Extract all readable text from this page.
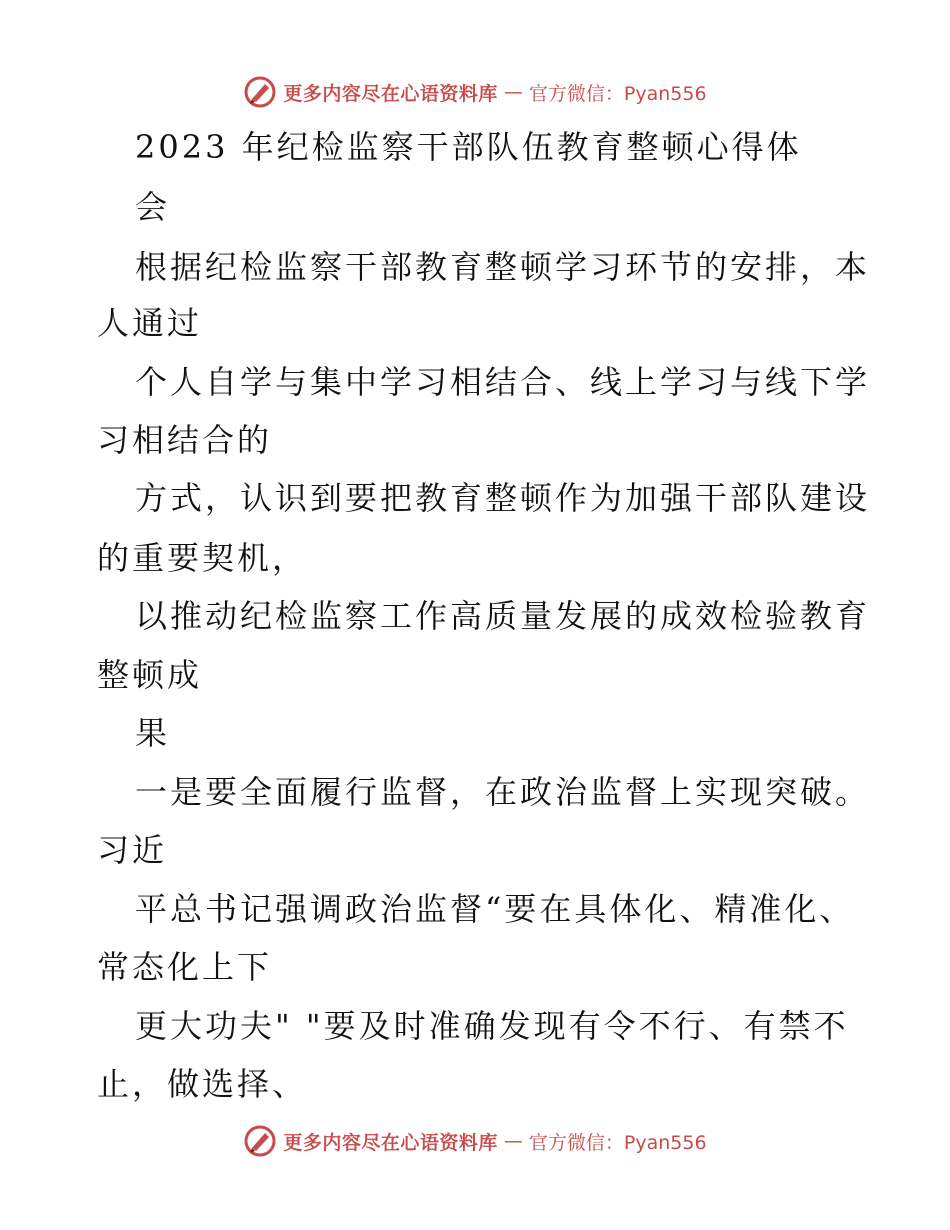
更多内容尽在心语资料库 — 官方微信：Pyan556
2023 年纪检监察干部队伍教育整顿心得体
会
根据纪检监察干部教育整顿学习环节的安排，本
人通过
个人自学与集中学习相结合、线上学习与线下学
习相结合的
方式，认识到要把教育整顿作为加强干部队建设
的重要契机，
以推动纪检监察工作高质量发展的成效检验教育
整顿成
果
一是要全面履行监督，在政治监督上实现突破。
习近
平总书记强调政治监督“要在具体化、精准化、
常态化上下
更大功夫" "要及时准确发现有令不行、有禁不
止，做选择、
更多内容尽在心语资料库 — 官方微信：Pyan556
